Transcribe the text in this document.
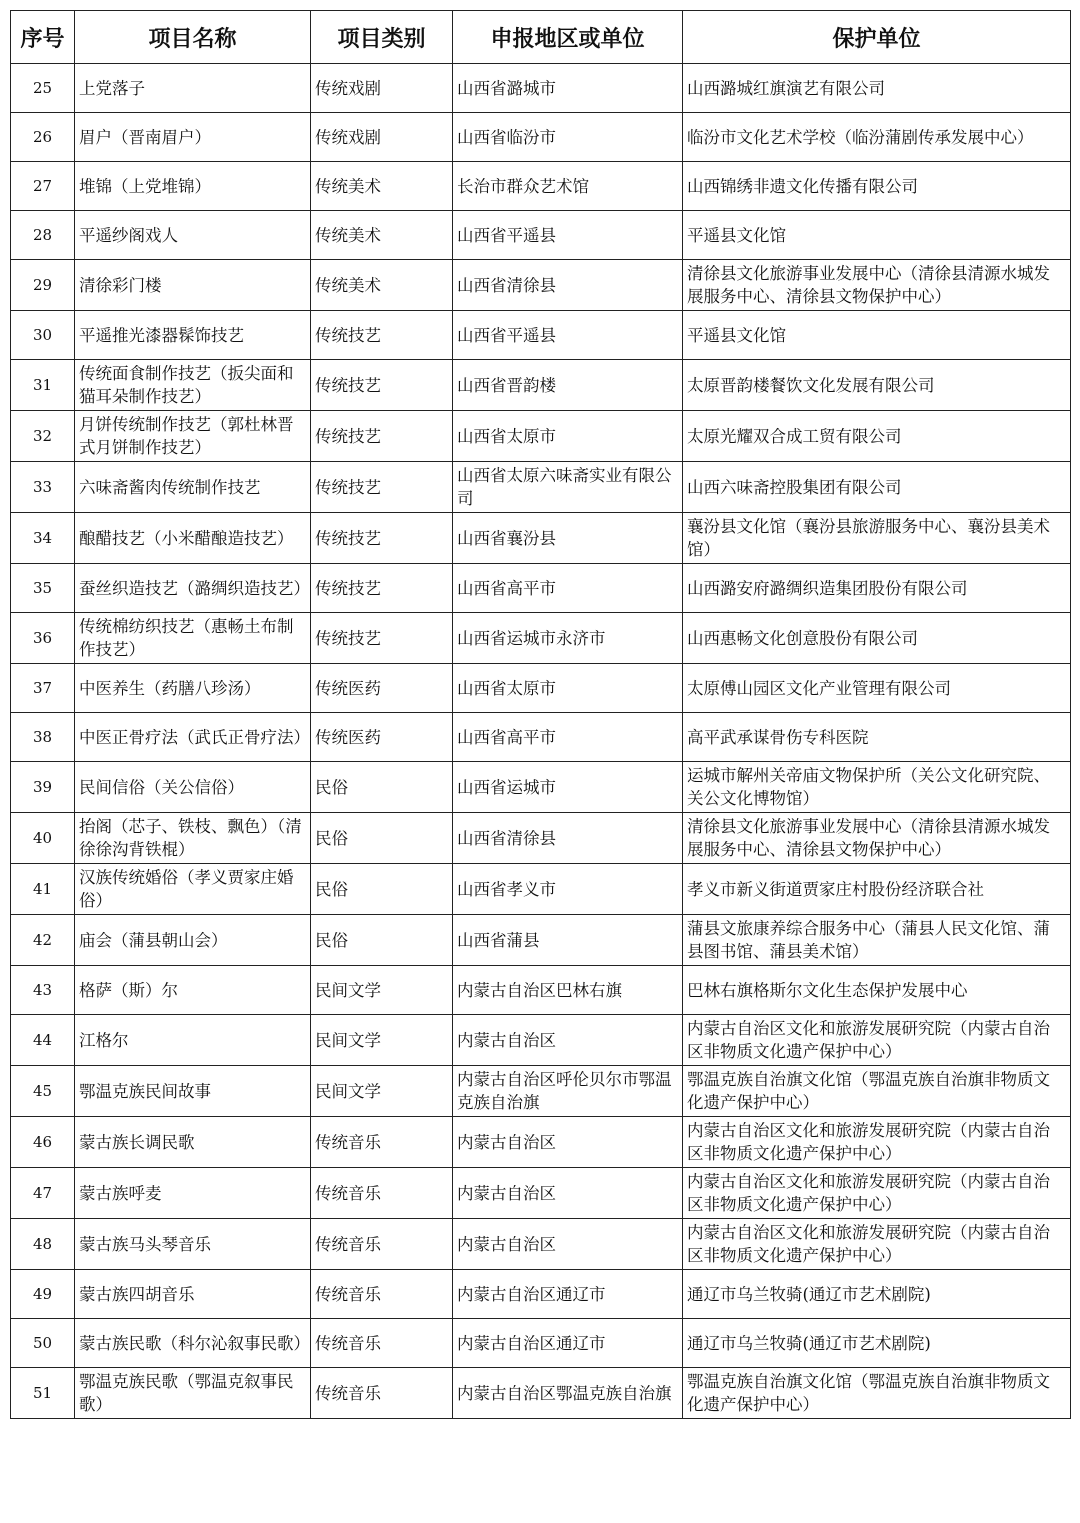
序号	项目名称	项目类别	申报地区或单位	保护单位
25	上党落子	传统戏剧	山西省潞城市	山西潞城红旗演艺有限公司
26	眉户（晋南眉户）	传统戏剧	山西省临汾市	临汾市文化艺术学校（临汾蒲剧传承发展中心）
27	堆锦（上党堆锦）	传统美术	长治市群众艺术馆	山西锦绣非遗文化传播有限公司
28	平遥纱阁戏人	传统美术	山西省平遥县	平遥县文化馆
29	清徐彩门楼	传统美术	山西省清徐县	清徐县文化旅游事业发展中心（清徐县清源水城发展服务中心、清徐县文物保护中心）
30	平遥推光漆器髹饰技艺	传统技艺	山西省平遥县	平遥县文化馆
31	传统面食制作技艺（扳尖面和猫耳朵制作技艺）	传统技艺	山西省晋韵楼	太原晋韵楼餐饮文化发展有限公司
32	月饼传统制作技艺（郭杜林晋式月饼制作技艺）	传统技艺	山西省太原市	太原光耀双合成工贸有限公司
33	六味斋酱肉传统制作技艺	传统技艺	山西省太原六味斋实业有限公司	山西六味斋控股集团有限公司
34	酿醋技艺（小米醋酿造技艺）	传统技艺	山西省襄汾县	襄汾县文化馆（襄汾县旅游服务中心、襄汾县美术馆）
35	蚕丝织造技艺（潞绸织造技艺）	传统技艺	山西省高平市	山西潞安府潞绸织造集团股份有限公司
36	传统棉纺织技艺（惠畅土布制作技艺）	传统技艺	山西省运城市永济市	山西惠畅文化创意股份有限公司
37	中医养生（药膳八珍汤）	传统医药	山西省太原市	太原傅山园区文化产业管理有限公司
38	中医正骨疗法（武氏正骨疗法）	传统医药	山西省高平市	高平武承谋骨伤专科医院
39	民间信俗（关公信俗）	民俗	山西省运城市	运城市解州关帝庙文物保护所（关公文化研究院、关公文化博物馆）
40	抬阁（芯子、铁枝、飘色）（清徐徐沟背铁棍）	民俗	山西省清徐县	清徐县文化旅游事业发展中心（清徐县清源水城发展服务中心、清徐县文物保护中心）
41	汉族传统婚俗（孝义贾家庄婚俗）	民俗	山西省孝义市	孝义市新义街道贾家庄村股份经济联合社
42	庙会（蒲县朝山会）	民俗	山西省蒲县	蒲县文旅康养综合服务中心（蒲县人民文化馆、蒲县图书馆、蒲县美术馆）
43	格萨（斯）尔	民间文学	内蒙古自治区巴林右旗	巴林右旗格斯尔文化生态保护发展中心
44	江格尔	民间文学	内蒙古自治区	内蒙古自治区文化和旅游发展研究院（内蒙古自治区非物质文化遗产保护中心）
45	鄂温克族民间故事	民间文学	内蒙古自治区呼伦贝尔市鄂温克族自治旗	鄂温克族自治旗文化馆（鄂温克族自治旗非物质文化遗产保护中心）
46	蒙古族长调民歌	传统音乐	内蒙古自治区	内蒙古自治区文化和旅游发展研究院（内蒙古自治区非物质文化遗产保护中心）
47	蒙古族呼麦	传统音乐	内蒙古自治区	内蒙古自治区文化和旅游发展研究院（内蒙古自治区非物质文化遗产保护中心）
48	蒙古族马头琴音乐	传统音乐	内蒙古自治区	内蒙古自治区文化和旅游发展研究院（内蒙古自治区非物质文化遗产保护中心）
49	蒙古族四胡音乐	传统音乐	内蒙古自治区通辽市	通辽市乌兰牧骑(通辽市艺术剧院)
50	蒙古族民歌（科尔沁叙事民歌）	传统音乐	内蒙古自治区通辽市	通辽市乌兰牧骑(通辽市艺术剧院)
51	鄂温克族民歌（鄂温克叙事民歌）	传统音乐	内蒙古自治区鄂温克族自治旗	鄂温克族自治旗文化馆（鄂温克族自治旗非物质文化遗产保护中心）
